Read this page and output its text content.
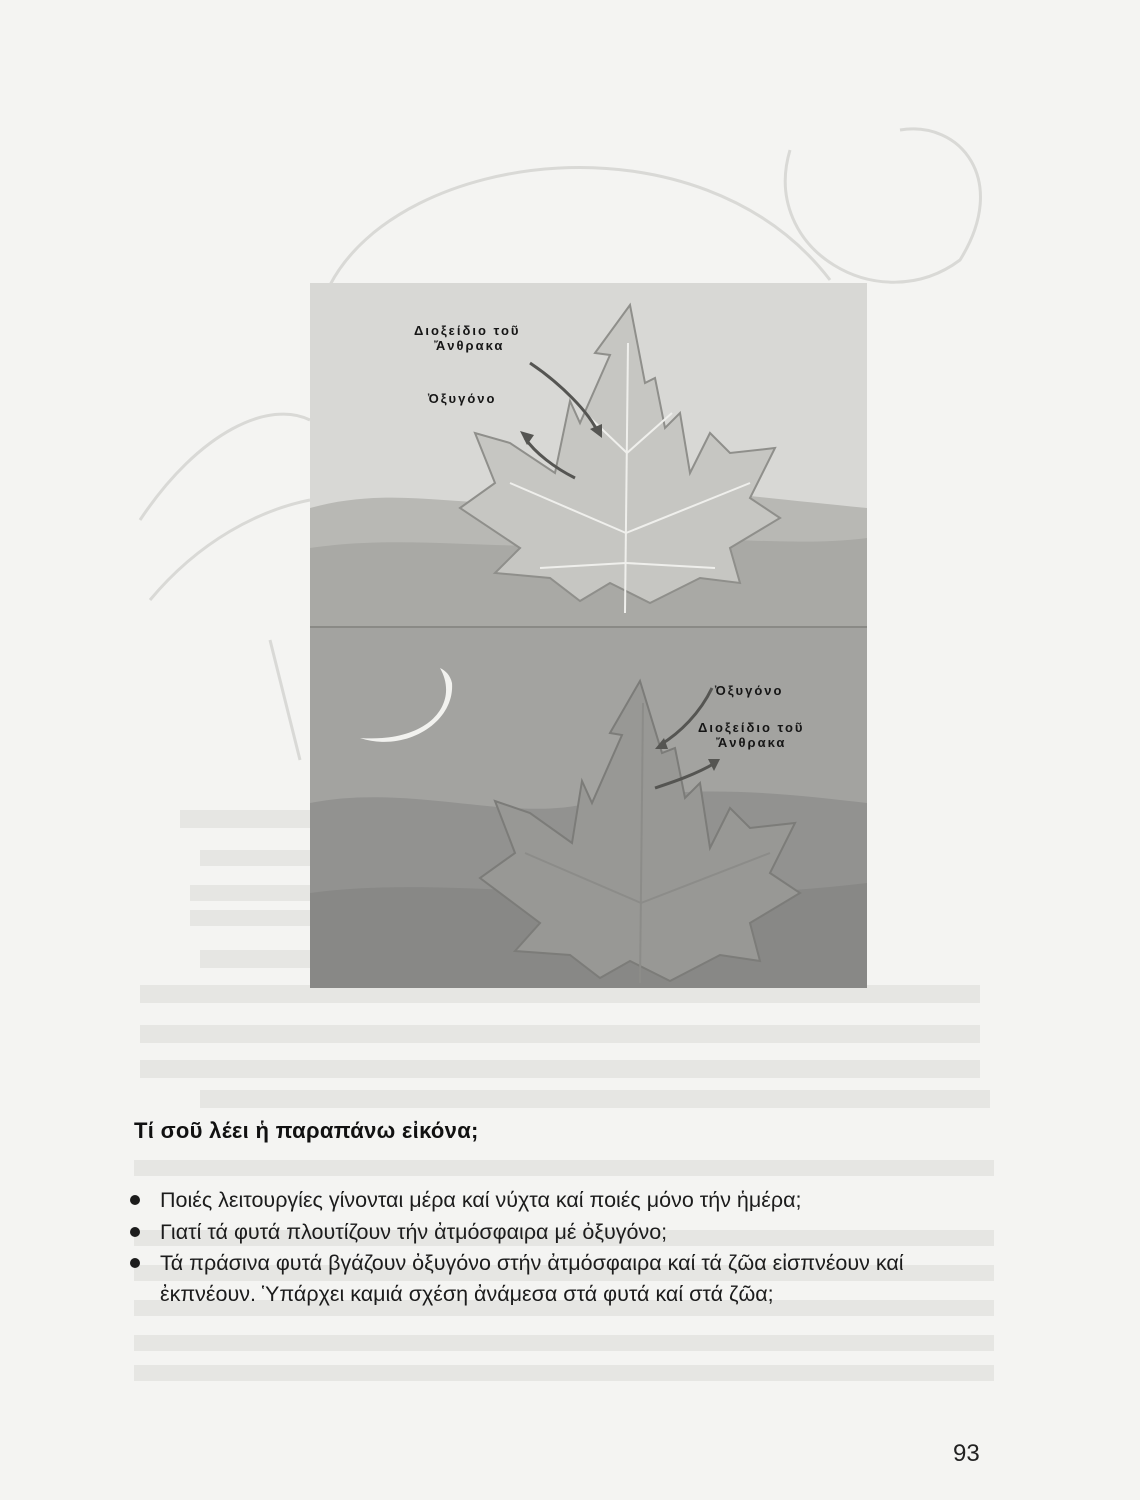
Διοξείδιο τοῦ
Ἄνθρακα
Ὀξυγόνο
Ὀξυγόνο
Διοξείδιο τοῦ
Ἄνθρακα
Τί σοῦ λέει ἡ παραπάνω εἰκόνα;
Ποιές λειτουργίες γίνονται μέρα καί νύχτα καί ποιές μόνο τήν ἡμέρα;
Γιατί τά φυτά πλουτίζουν τήν ἀτμόσφαιρα μέ ὀξυγόνο;
Τά πράσινα φυτά βγάζουν ὀξυγόνο στήν ἀτμόσφαιρα καί τά ζῶα εἰσπνέουν καί ἐκπνέουν. Ὑπάρχει καμιά σχέση ἀνάμεσα στά φυτά καί στά ζῶα;
93
